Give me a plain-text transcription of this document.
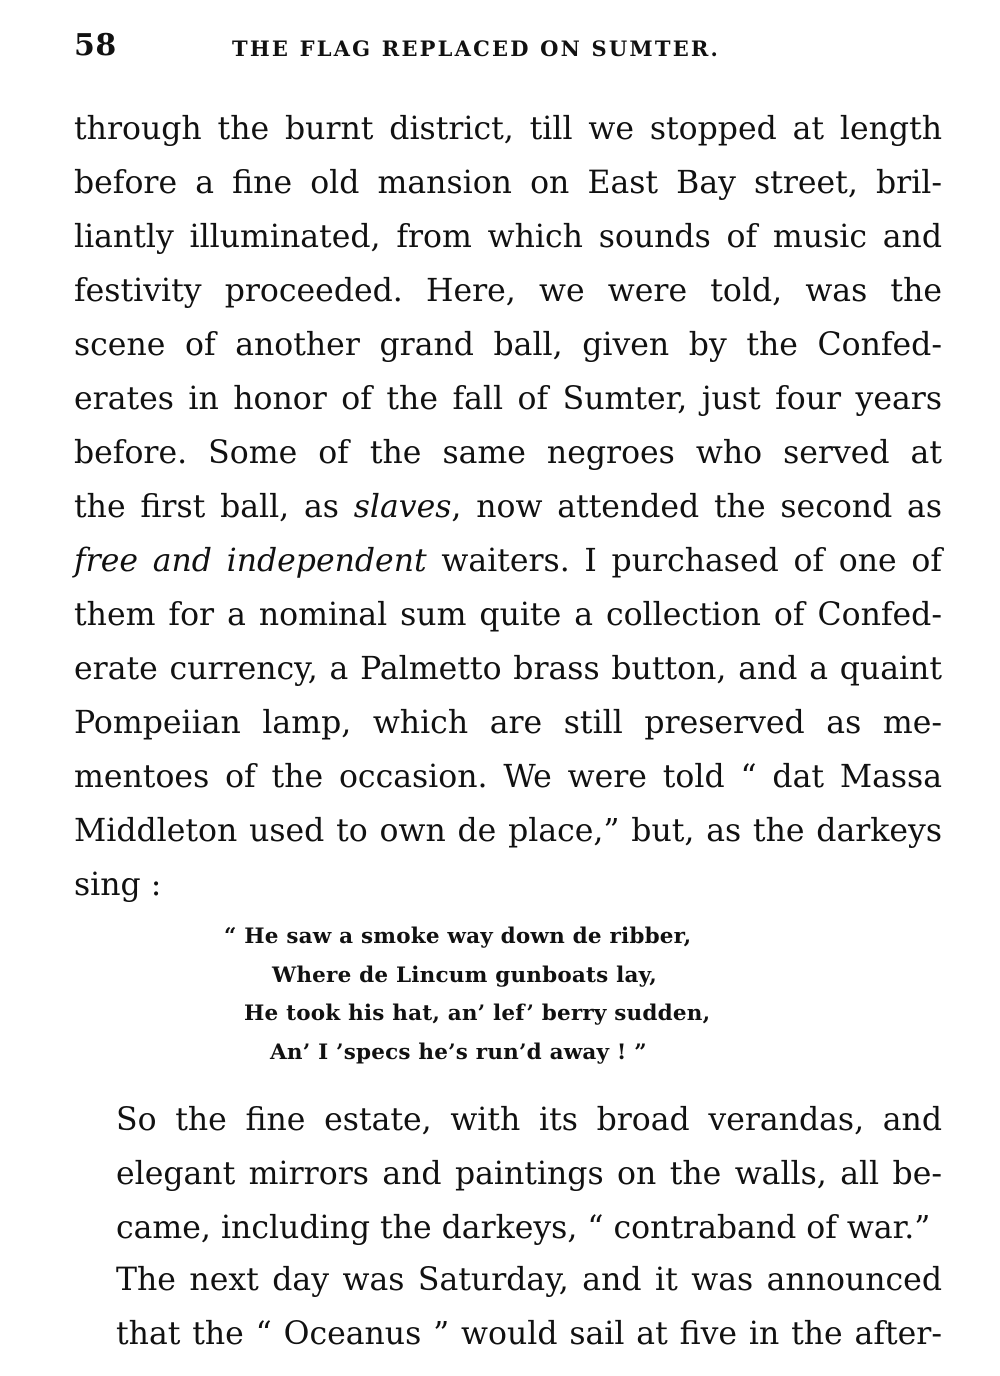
58	THE FLAG REPLACED ON SUMTER.
through the burnt district, till we stopped at length
before a fine old mansion on East Bay street, bril-
liantly illuminated, from which sounds of music and
festivity proceeded. Here, we were told, was the
scene of another grand ball, given by the Confed-
erates in honor of the fall of Sumter, just four years
before. Some of the same negroes who served at
the first ball, as slaves, now attended the second as
free and independent waiters. I purchased of one of
them for a nominal sum quite a collection of Confed-
erate currency, a Palmetto brass button, and a quaint
Pompeiian lamp, which are still preserved as me-
mentoes of the occasion. We were told “ dat Massa
Middleton used to own de place,” but, as the darkeys
sing :
“ He saw a smoke way down de ribber,
Where de Lincum gunboats lay,
He took his hat, an’ lef’ berry sudden,
An’ I ’specs he’s run’d away ! ”
So the fine estate, with its broad verandas, and
elegant mirrors and paintings on the walls, all be-
came, including the darkeys, “ contraband of war.”
The next day was Saturday, and it was announced
that the “ Oceanus ” would sail at five in the after-
